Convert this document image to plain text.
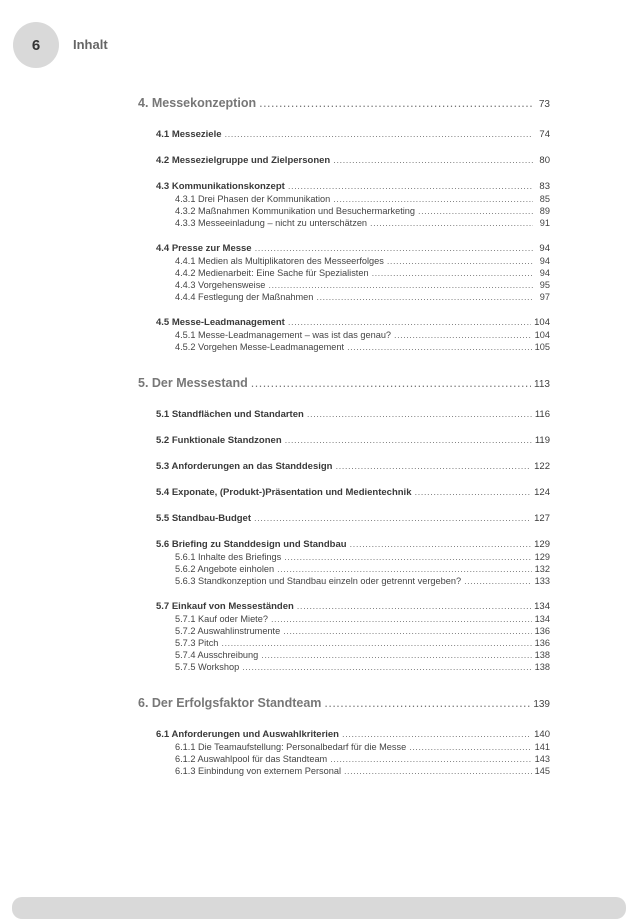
6	Inhalt
4. Messekonzeption .....	73
4.1 Messeziele .....	74
4.2 Messezielgruppe und Zielpersonen .....	80
4.3 Kommunikationskonzept .....	83
4.3.1 Drei Phasen der Kommunikation .....	85
4.3.2 Maßnahmen Kommunikation und Besuchermarketing .....	89
4.3.3 Messeeinladung – nicht zu unterschätzen .....	91
4.4 Presse zur Messe .....	94
4.4.1 Medien als Multiplikatoren des Messeerfolges .....	94
4.4.2 Medienarbeit: Eine Sache für Spezialisten .....	94
4.4.3 Vorgehensweise .....	95
4.4.4 Festlegung der Maßnahmen .....	97
4.5 Messe-Leadmanagement .....	104
4.5.1 Messe-Leadmanagement – was ist das genau? .....	104
4.5.2 Vorgehen Messe-Leadmanagement .....	105
5. Der Messestand .....	113
5.1 Standflächen und Standarten .....	116
5.2 Funktionale Standzonen .....	119
5.3 Anforderungen an das Standdesign .....	122
5.4 Exponate, (Produkt-)Präsentation und Medientechnik .....	124
5.5 Standbau-Budget .....	127
5.6 Briefing zu Standdesign und Standbau .....	129
5.6.1 Inhalte des Briefings .....	129
5.6.2 Angebote einholen .....	132
5.6.3 Standkonzeption und Standbau einzeln oder getrennt vergeben? .....	133
5.7 Einkauf von Messeständen .....	134
5.7.1 Kauf oder Miete? .....	134
5.7.2 Auswahlinstrumente .....	136
5.7.3 Pitch .....	136
5.7.4 Ausschreibung .....	138
5.7.5 Workshop .....	138
6. Der Erfolgsfaktor Standteam .....	139
6.1 Anforderungen und Auswahlkriterien .....	140
6.1.1 Die Teamaufstellung: Personalbedarf für die Messe .....	141
6.1.2 Auswahlpool für das Standteam .....	143
6.1.3 Einbindung von externem Personal .....	145
